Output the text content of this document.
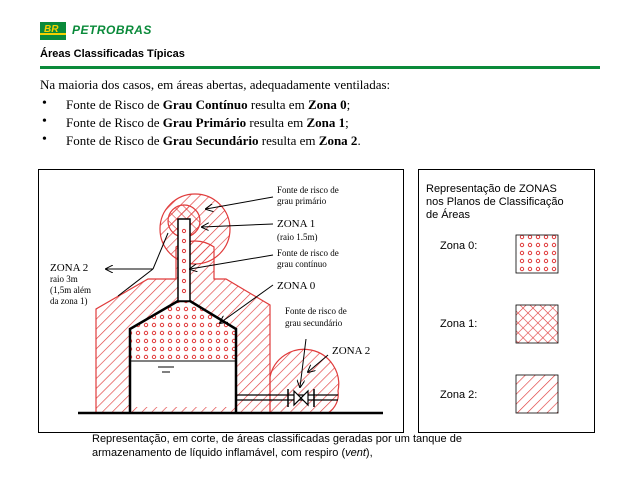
BR PETROBRAS
Áreas Classificadas Típicas
Na maioria dos casos, em áreas abertas, adequadamente ventiladas:
• Fonte de Risco de Grau Contínuo resulta em Zona 0;
• Fonte de Risco de Grau Primário resulta em Zona 1;
• Fonte de Risco de Grau Secundário resulta em Zona 2.
Fonte de risco de
grau primário
ZONA 1
(raio 1.5m)
Fonte de risco de
grau contínuo
ZONA 0
Fonte de risco de
grau secundário
ZONA 2
ZONA 2
raio 3m
(1,5m além
da zona 1)
Representação de ZONAS
nos Planos de Classificação
de Áreas
Zona 0:
Zona 1:
Zona 2:
Representação, em corte, de áreas classificadas geradas por um tanque de
armazenamento de líquido inflamável, com respiro (vent),
